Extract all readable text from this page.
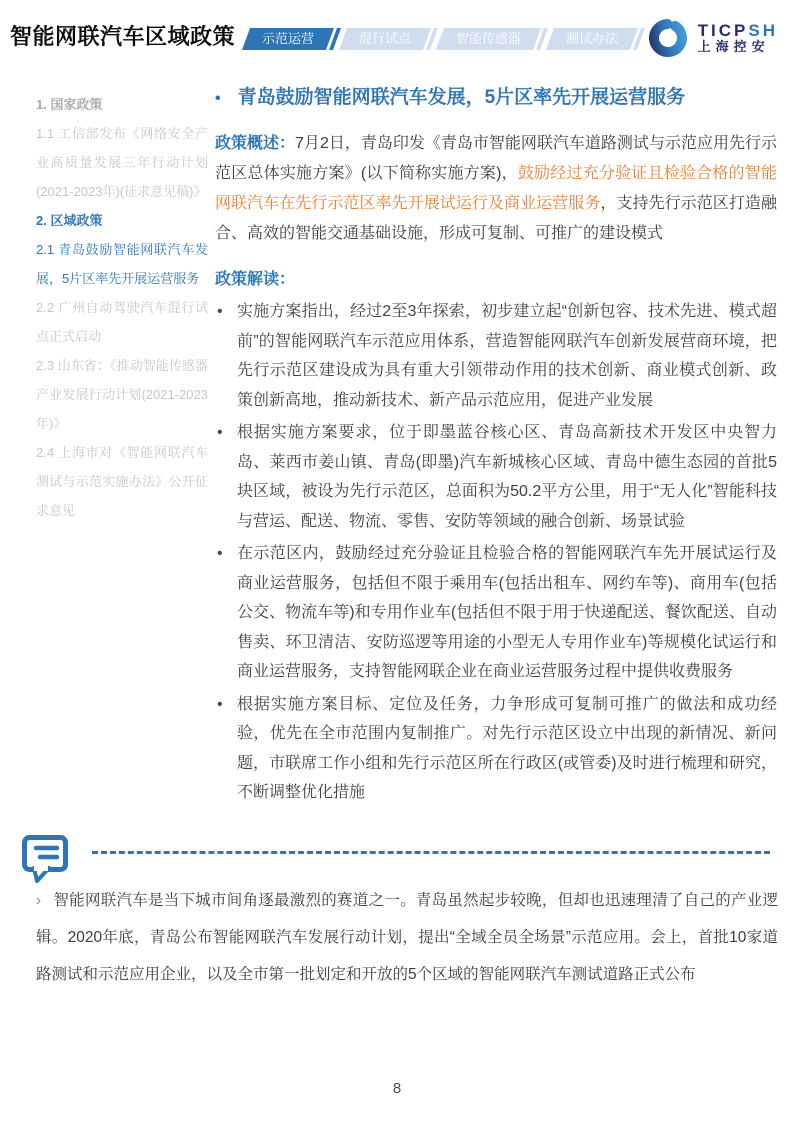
智能网联汽车区域政策 示范运营	混行试点	智能传感器	测试办法	TICPSH
上海控安
1. 国家政策
1.1 工信部发布《网络安全产业高质量发展三年行动计划(2021-2023年)(征求意见稿)》
2. 区域政策
2.1 青岛鼓励智能网联汽车发展，5片区率先开展运营服务
2.2 广州自动驾驶汽车混行试点正式启动
2.3 山东省：《推动智能传感器产业发展行动计划(2021-2023年)》
2.4 上海市对《智能网联汽车测试与示范实施办法》公开征求意见
• 青岛鼓励智能网联汽车发展，5片区率先开展运营服务

政策概述：7月2日，青岛印发《青岛市智能网联汽车道路测试与示范应用先行示范区总体实施方案》(以下简称实施方案)，鼓励经过充分验证且检验合格的智能网联汽车在先行示范区率先开展试运行及商业运营服务，支持先行示范区打造融合、高效的智能交通基础设施，形成可复制、可推广的建设模式

政策解读：
• 实施方案指出，经过2至3年探索，初步建立起“创新包容、技术先进、模式超前”的智能网联汽车示范应用体系，营造智能网联汽车创新发展营商环境，把先行示范区建设成为具有重大引领带动作用的技术创新、商业模式创新、政策创新高地，推动新技术、新产品示范应用，促进产业发展
• 根据实施方案要求，位于即墨蓝谷核心区、青岛高新技术开发区中央智力岛、莱西市姜山镇、青岛(即墨)汽车新城核心区域、青岛中德生态园的首批5块区域，被设为先行示范区，总面积为50.2平方公里，用于“无人化”智能科技与营运、配送、物流、零售、安防等领域的融合创新、场景试验
• 在示范区内，鼓励经过充分验证且检验合格的智能网联汽车先开展试运行及商业运营服务，包括但不限于乘用车(包括出租车、网约车等)、商用车(包括公交、物流车等)和专用作业车(包括但不限于用于快递配送、餐饮配送、自动售卖、环卫清洁、安防巡逻等用途的小型无人专用作业车)等规模化试运行和商业运营服务，支持智能网联企业在商业运营服务过程中提供收费服务
• 根据实施方案目标、定位及任务，力争形成可复制可推广的做法和成功经验，优先在全市范围内复制推广。对先行示范区设立中出现的新情况、新问题，市联席工作小组和先行示范区所在行政区(或管委)及时进行梳理和研究，不断调整优化措施
› 智能网联汽车是当下城市间角逐最激烈的赛道之一。青岛虽然起步较晚，但却也迅速理清了自己的产业逻辑。2020年底，青岛公布智能网联汽车发展行动计划，提出“全域全员全场景”示范应用。会上，首批10家道路测试和示范应用企业，以及全市第一批划定和开放的5个区域的智能网联汽车测试道路正式公布
8
